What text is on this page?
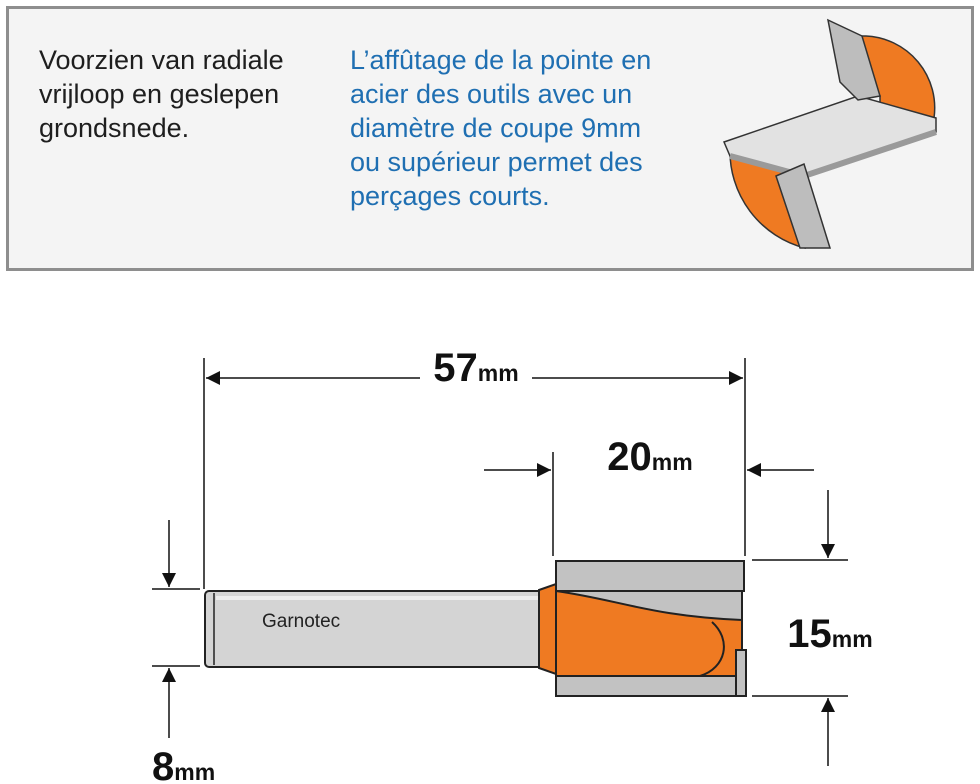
Voorzien van radiale
vrijloop en geslepen
grondsnede.
L’affûtage de la pointe en
acier des outils avec un
diamètre de coupe 9mm
ou supérieur permet des
perçages courts.
Garnotec
57mm
20mm
15mm
8mm
